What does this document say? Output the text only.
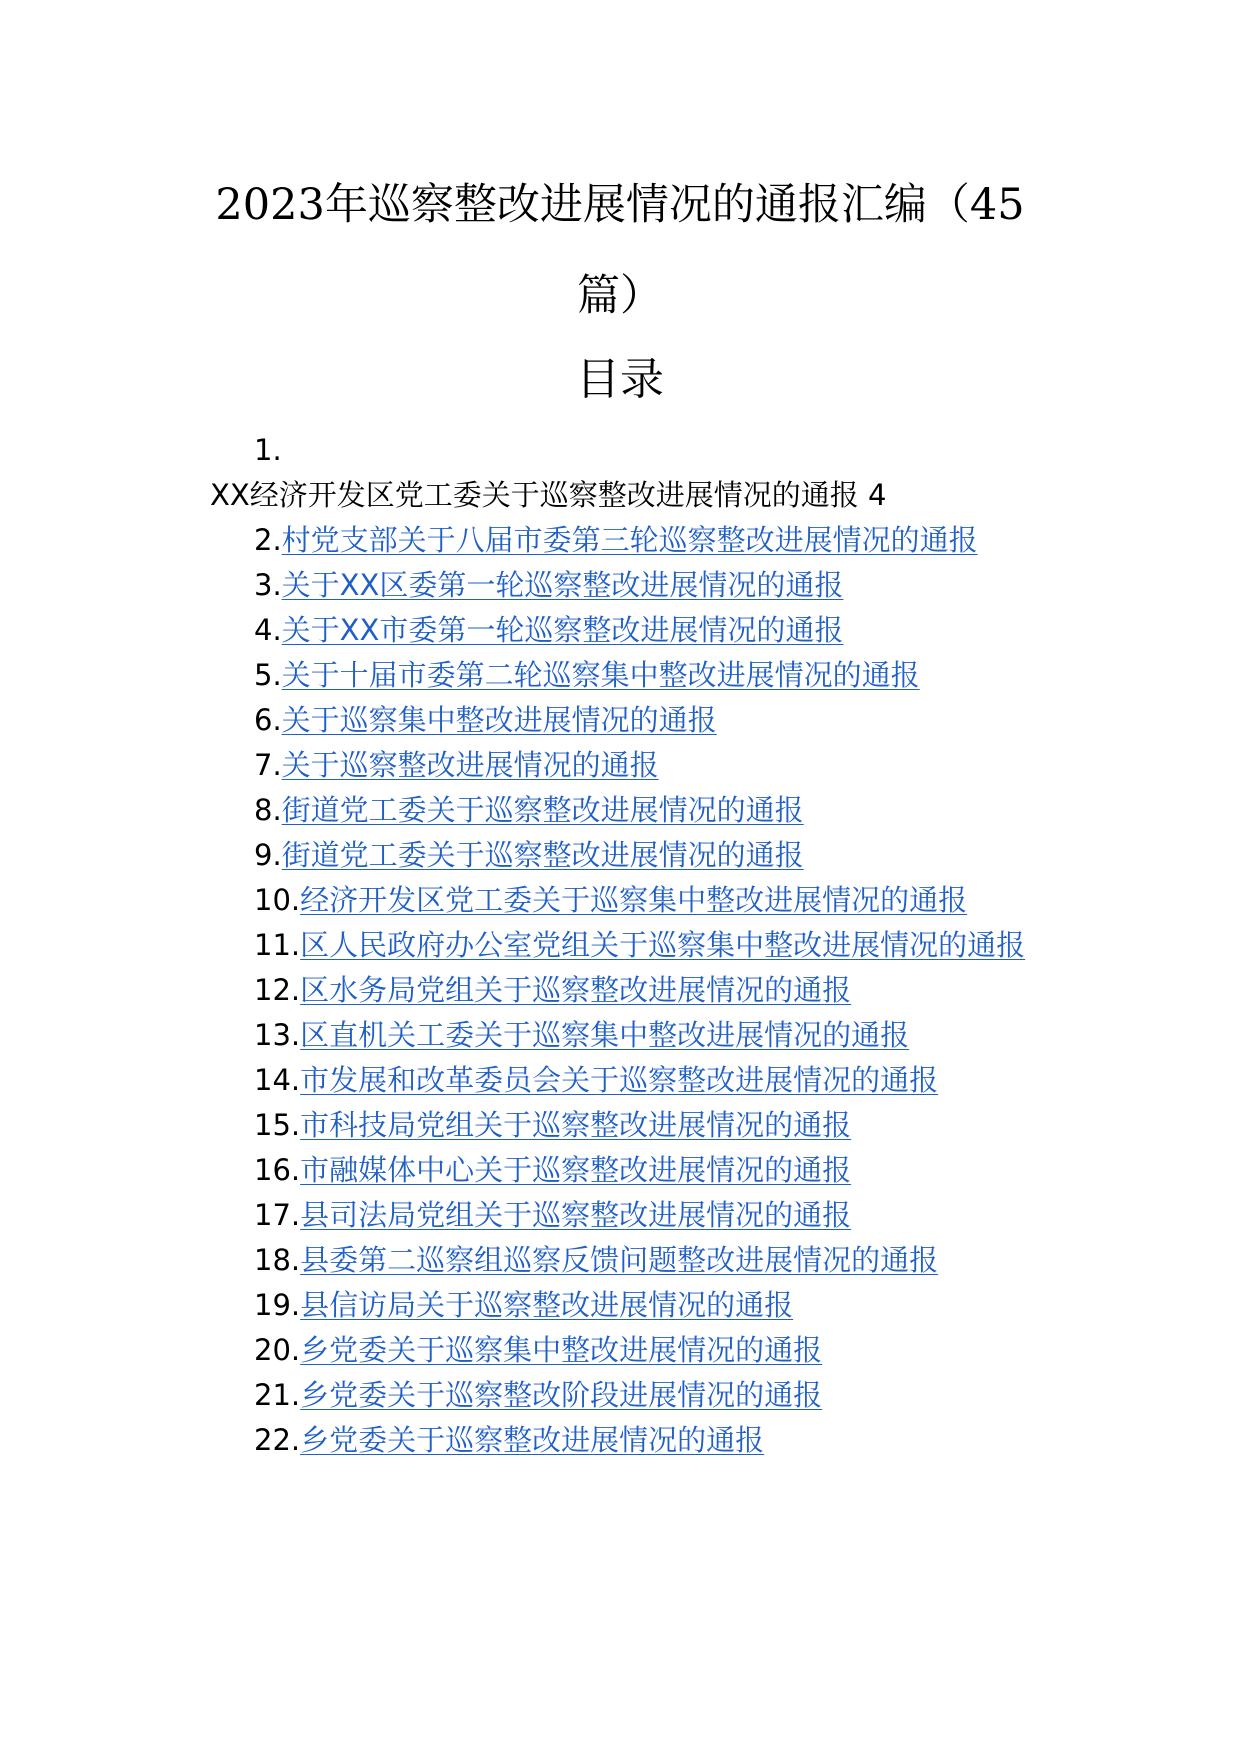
2023年巡察整改进展情况的通报汇编（45
篇）
目录
1.
XX经济开发区党工委关于巡察整改进展情况的通报 4
2.村党支部关于八届市委第三轮巡察整改进展情况的通报
3.关于XX区委第一轮巡察整改进展情况的通报
4.关于XX市委第一轮巡察整改进展情况的通报
5.关于十届市委第二轮巡察集中整改进展情况的通报
6.关于巡察集中整改进展情况的通报
7.关于巡察整改进展情况的通报
8.街道党工委关于巡察整改进展情况的通报
9.街道党工委关于巡察整改进展情况的通报
10.经济开发区党工委关于巡察集中整改进展情况的通报
11.区人民政府办公室党组关于巡察集中整改进展情况的通报
12.区水务局党组关于巡察整改进展情况的通报
13.区直机关工委关于巡察集中整改进展情况的通报
14.市发展和改革委员会关于巡察整改进展情况的通报
15.市科技局党组关于巡察整改进展情况的通报
16.市融媒体中心关于巡察整改进展情况的通报
17.县司法局党组关于巡察整改进展情况的通报
18.县委第二巡察组巡察反馈问题整改进展情况的通报
19.县信访局关于巡察整改进展情况的通报
20.乡党委关于巡察集中整改进展情况的通报
21.乡党委关于巡察整改阶段进展情况的通报
22.乡党委关于巡察整改进展情况的通报
